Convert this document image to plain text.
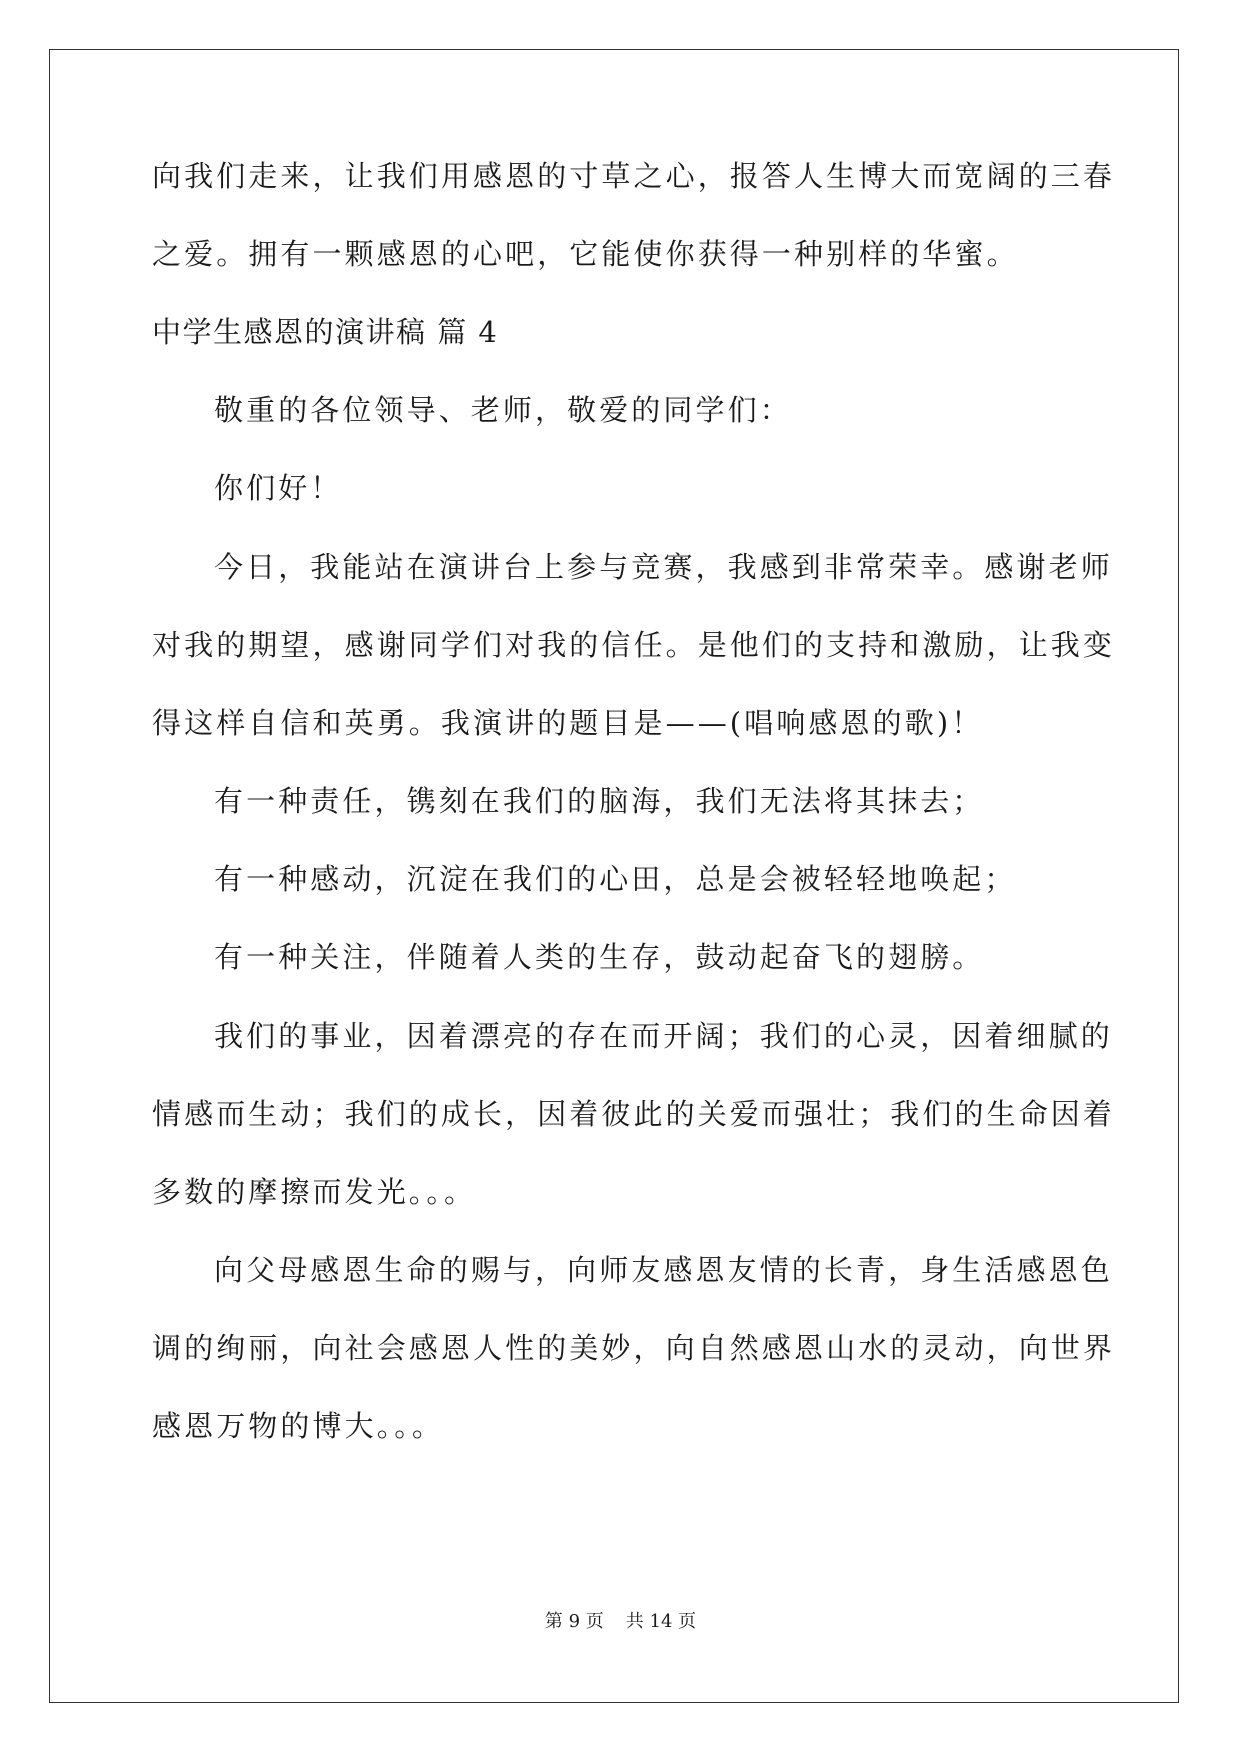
向我们走来，让我们用感恩的寸草之心，报答人生博大而宽阔的三春
之爱。拥有一颗感恩的心吧，它能使你获得一种别样的华蜜。
中学生感恩的演讲稿 篇 4
敬重的各位领导、老师，敬爱的同学们：
你们好！
今日，我能站在演讲台上参与竞赛，我感到非常荣幸。感谢老师
对我的期望，感谢同学们对我的信任。是他们的支持和激励，让我变
得这样自信和英勇。我演讲的题目是——(唱响感恩的歌)！
有一种责任，镌刻在我们的脑海，我们无法将其抹去；
有一种感动，沉淀在我们的心田，总是会被轻轻地唤起；
有一种关注，伴随着人类的生存，鼓动起奋飞的翅膀。
我们的事业，因着漂亮的存在而开阔；我们的心灵，因着细腻的
情感而生动；我们的成长，因着彼此的关爱而强壮；我们的生命因着
多数的摩擦而发光。。。
向父母感恩生命的赐与，向师友感恩友情的长青，身生活感恩色
调的绚丽，向社会感恩人性的美妙，向自然感恩山水的灵动，向世界
感恩万物的博大。。。
第 9 页 共 14 页
